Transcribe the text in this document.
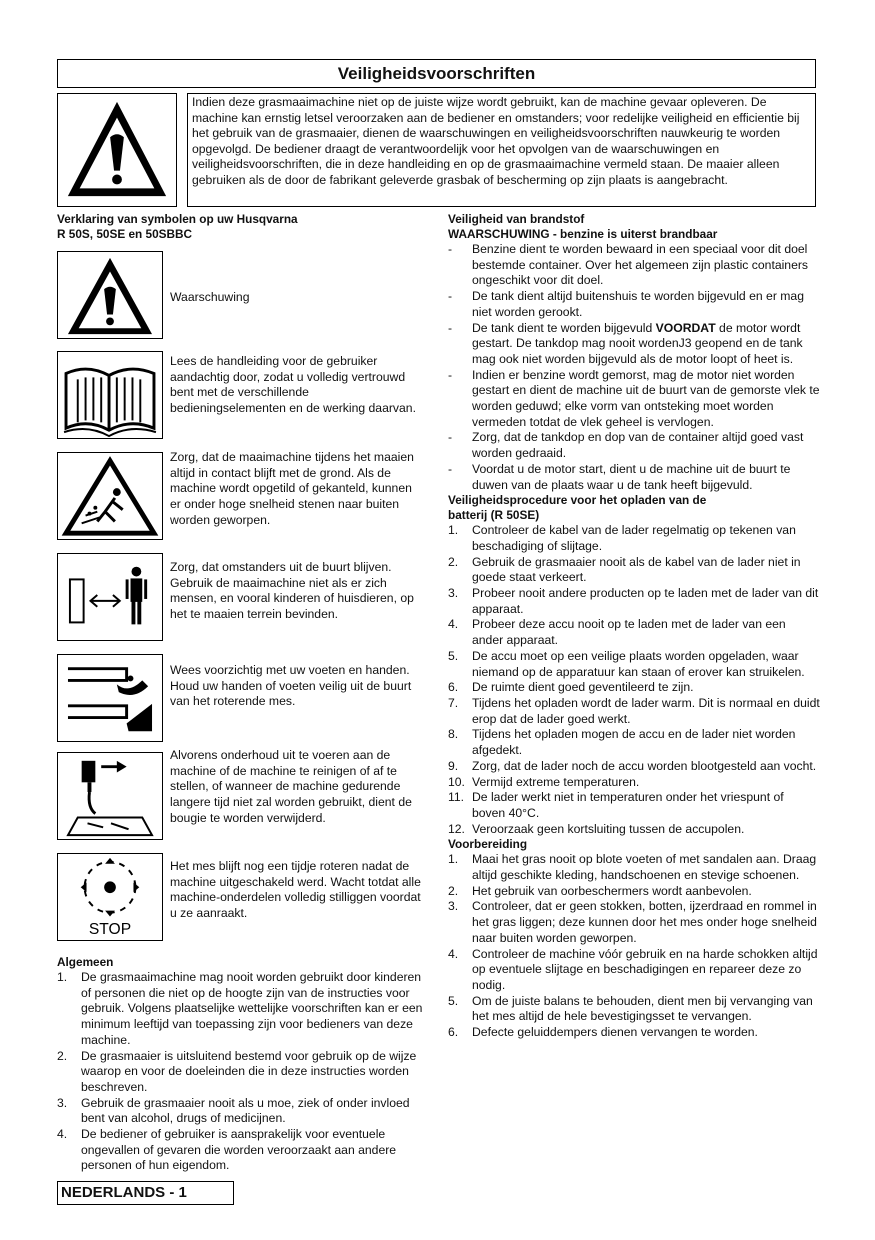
Veiligheidsvoorschriften
Indien deze grasmaaimachine niet op de juiste wijze wordt gebruikt, kan de machine gevaar opleveren. De machine kan ernstig letsel veroorzaken aan de bediener en omstanders; voor redelijke veiligheid en efficientie bij het gebruik van de grasmaaier, dienen de waarschuwingen en veiligheidsvoorschriften nauwkeurig te worden opgevolgd. De bediener draagt de verantwoordelijk voor het opvolgen van de waarschuwingen en veiligheidsvoorschriften, die in deze handleiding en op de grasmaaimachine vermeld staan. De maaier alleen gebruiken als de door de fabrikant geleverde grasbak of bescherming op zijn plaats is aangebracht.
Verklaring van symbolen op uw Husqvarna
R 50S, 50SE en 50SBBC
Waarschuwing
Lees de handleiding voor de gebruiker aandachtig door, zodat u volledig vertrouwd bent met de verschillende bedieningselementen en de werking daarvan.
Zorg, dat de maaimachine tijdens het maaien altijd in contact blijft met de grond. Als de machine wordt opgetild of gekanteld, kunnen er onder hoge snelheid stenen naar buiten worden geworpen.
Zorg, dat omstanders uit de buurt blijven. Gebruik de maaimachine niet als er zich mensen, en vooral kinderen of huisdieren, op het te maaien terrein bevinden.
Wees voorzichtig met uw voeten en handen. Houd uw handen of voeten veilig uit de buurt van het roterende mes.
Alvorens onderhoud uit te voeren aan de machine of de machine te reinigen of af te stellen, of wanneer de machine gedurende langere tijd niet zal worden gebruikt, dient de bougie te worden verwijderd.
STOP
Het mes blijft nog een tijdje roteren nadat de machine uitgeschakeld werd. Wacht totdat alle machine-onderdelen volledig stilliggen voordat u ze aanraakt.
Algemeen
1. De grasmaaimachine mag nooit worden gebruikt door kinderen of personen die niet op de hoogte zijn van de instructies voor gebruik. Volgens plaatselijke wettelijke voorschriften kan er een minimum leeftijd van toepassing zijn voor bedieners van deze machine.
2. De grasmaaier is uitsluitend bestemd voor gebruik op de wijze waarop en voor de doeleinden die in deze instructies worden beschreven.
3. Gebruik de grasmaaier nooit als u moe, ziek of onder invloed bent van alcohol, drugs of medicijnen.
4. De bediener of gebruiker is aansprakelijk voor eventuele ongevallen of gevaren die worden veroorzaakt aan andere personen of hun eigendom.
Veiligheid van brandstof
WAARSCHUWING - benzine is uiterst brandbaar
- Benzine dient te worden bewaard in een speciaal voor dit doel bestemde container. Over het algemeen zijn plastic containers ongeschikt voor dit doel.
- De tank dient altijd buitenshuis te worden bijgevuld en er mag niet worden gerookt.
- De tank dient te worden bijgevuld VOORDAT de motor wordt gestart. De tankdop mag nooit wordenJ3 geopend en de tank mag ook niet worden bijgevuld als de motor loopt of heet is.
- Indien er benzine wordt gemorst, mag de motor niet worden gestart en dient de machine uit de buurt van de gemorste vlek te worden geduwd; elke vorm van ontsteking moet worden vermeden totdat de vlek geheel is vervlogen.
- Zorg, dat de tankdop en dop van de container altijd goed vast worden gedraaid.
- Voordat u de motor start, dient u de machine uit de buurt te duwen van de plaats waar u de tank heeft bijgevuld.
Veiligheidsprocedure voor het opladen van de
batterij (R 50SE)
1. Controleer de kabel van de lader regelmatig op tekenen van beschadiging of slijtage.
2. Gebruik de grasmaaier nooit als de kabel van de lader niet in goede staat verkeert.
3. Probeer nooit andere producten op te laden met de lader van dit apparaat.
4. Probeer deze accu nooit op te laden met de lader van een ander apparaat.
5. De accu moet op een veilige plaats worden opgeladen, waar niemand op de apparatuur kan staan of erover kan struikelen.
6. De ruimte dient goed geventileerd te zijn.
7. Tijdens het opladen wordt de lader warm. Dit is normaal en duidt erop dat de lader goed werkt.
8. Tijdens het opladen mogen de accu en de lader niet worden afgedekt.
9. Zorg, dat de lader noch de accu worden blootgesteld aan vocht.
10. Vermijd extreme temperaturen.
11. De lader werkt niet in temperaturen onder het vriespunt of boven 40°C.
12. Veroorzaak geen kortsluiting tussen de accupolen.
Voorbereiding
1. Maai het gras nooit op blote voeten of met sandalen aan. Draag altijd geschikte kleding, handschoenen en stevige schoenen.
2. Het gebruik van oorbeschermers wordt aanbevolen.
3. Controleer, dat er geen stokken, botten, ijzerdraad en rommel in het gras liggen; deze kunnen door het mes onder hoge snelheid naar buiten worden geworpen.
4. Controleer de machine vóór gebruik en na harde schokken altijd op eventuele slijtage en beschadigingen en repareer deze zo nodig.
5. Om de juiste balans te behouden, dient men bij vervanging van het mes altijd de hele bevestigingsset te vervangen.
6. Defecte geluiddempers dienen vervangen te worden.
NEDERLANDS - 1
